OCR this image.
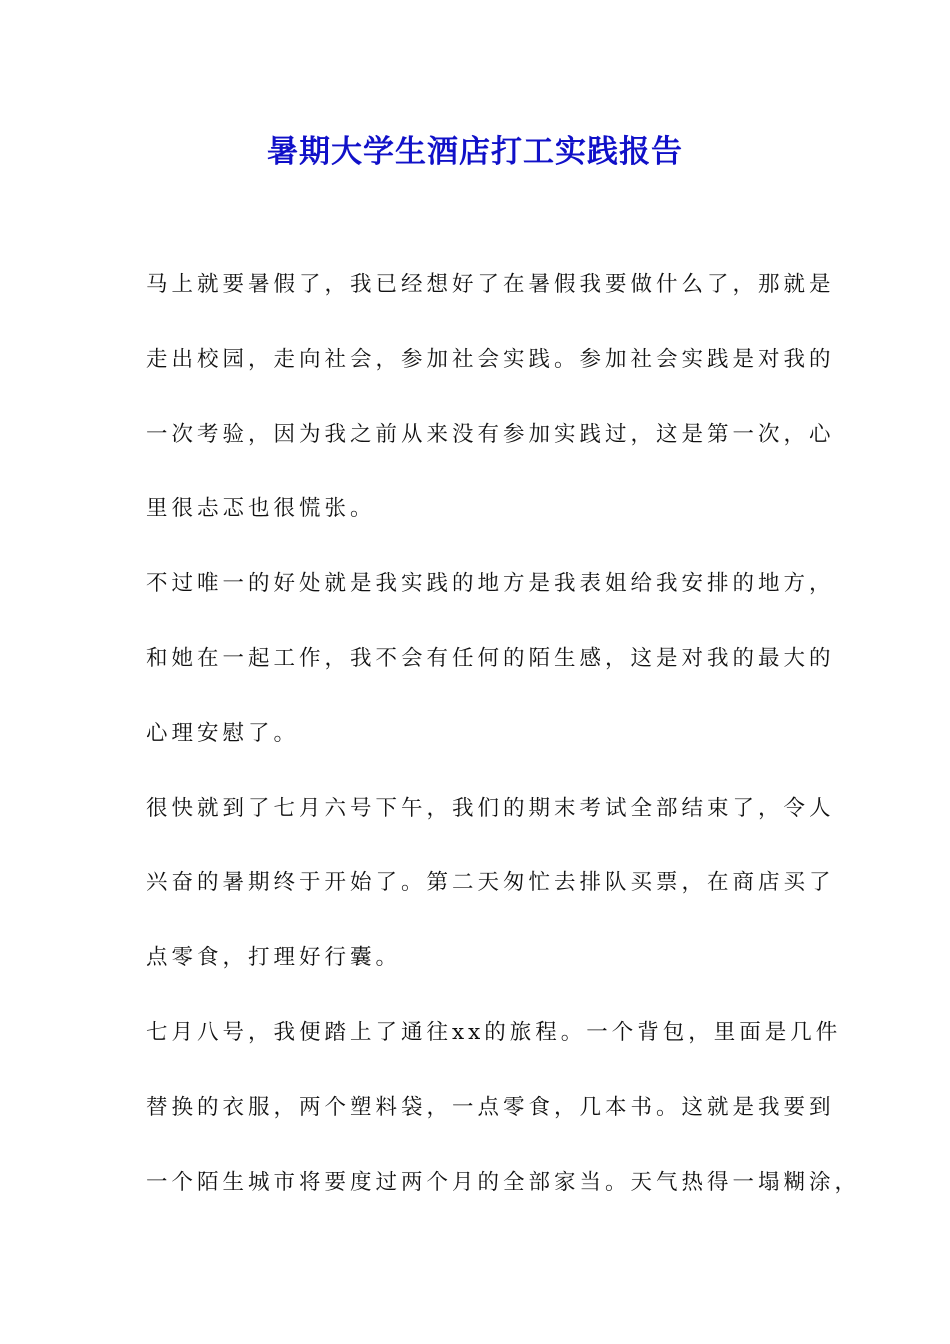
暑期大学生酒店打工实践报告
马上就要暑假了，我已经想好了在暑假我要做什么了，那就是
走出校园，走向社会，参加社会实践。参加社会实践是对我的
一次考验，因为我之前从来没有参加实践过，这是第一次，心
里很忐忑也很慌张。
不过唯一的好处就是我实践的地方是我表姐给我安排的地方，
和她在一起工作，我不会有任何的陌生感，这是对我的最大的
心理安慰了。
很快就到了七月六号下午，我们的期末考试全部结束了，令人
兴奋的暑期终于开始了。第二天匆忙去排队买票，在商店买了
点零食，打理好行囊。
七月八号，我便踏上了通往xx的旅程。一个背包，里面是几件
替换的衣服，两个塑料袋，一点零食，几本书。这就是我要到
一个陌生城市将要度过两个月的全部家当。天气热得一塌糊涂，
